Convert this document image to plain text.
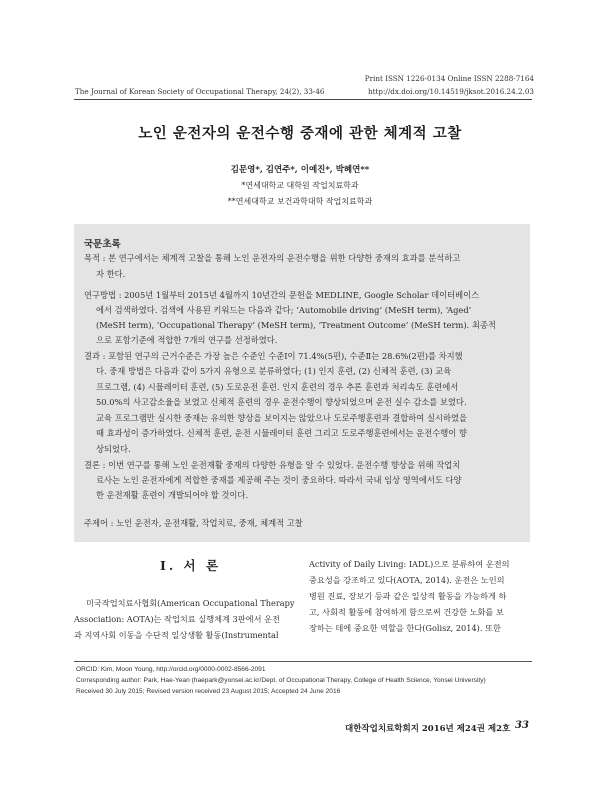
Print ISSN 1226-0134 Online ISSN 2288-7164
The Journal of Korean Society of Occupational Therapy, 24(2), 33-46	http://dx.doi.org/10.14519/jksot.2016.24.2.03
노인 운전자의 운전수행 중재에 관한 체계적 고찰
김문영*, 김연주*, 이예진*, 박혜연**
*연세대학교 대학원 작업치료학과
**연세대학교 보건과학대학 작업치료학과
국문초록
목적 : 본 연구에서는 체계적 고찰을 통해 노인 운전자의 운전수행을 위한 다양한 중재의 효과를 분석하고
자 한다.
연구방법 : 2005년 1월부터 2015년 4월까지 10년간의 문헌을 MEDLINE, Google Scholar 데이터베이스
에서 검색하였다. 검색에 사용된 키워드는 다음과 같다; ‘Automobile driving’ (MeSH term), ‘Aged’
(MeSH term), ‘Occupational Therapy’ (MeSH term), ‘Treatment Outcome’ (MeSH term). 최종적
으로 포함기준에 적합한 7개의 연구를 선정하였다.
결과 : 포함된 연구의 근거수준은 가장 높은 수준인 수준Ⅰ이 71.4%(5편), 수준Ⅱ는 28.6%(2편)를 차지했
다. 중재 방법은 다음과 같이 5가지 유형으로 분류하였다; (1) 인지 훈련, (2) 신체적 훈련, (3) 교육
프로그램, (4) 시뮬레이터 훈련, (5) 도로운전 훈련. 인지 훈련의 경우 추론 훈련과 처리속도 훈련에서
50.0%의 사고감소율을 보였고 신체적 훈련의 경우 운전수행이 향상되었으며 운전 실수 감소를 보였다.
교육 프로그램만 실시한 중재는 유의한 향상을 보이지는 않았으나 도로주행훈련과 결합하여 실시하였을
때 효과성이 증가하였다. 신체적 훈련, 운전 시뮬레이터 훈련 그리고 도로주행훈련에서는 운전수행이 향
상되었다.
결론 : 이번 연구를 통해 노인 운전재활 중재의 다양한 유형을 알 수 있었다. 운전수행 향상을 위해 작업치
료사는 노인 운전자에게 적합한 중재를 제공해 주는 것이 중요하다. 따라서 국내 임상 영역에서도 다양
한 운전재활 훈련이 개발되어야 할 것이다.
주제어 : 노인 운전자, 운전재활, 작업치료, 중재, 체계적 고찰
Ⅰ. 서 론
미국작업치료사협회(American Occupational Therapy
Association: AOTA)는 작업치료 실행체계 3판에서 운전
과 지역사회 이동을 수단적 일상생활 활동(Instrumental
Activity of Daily Living: IADL)으로 분류하여 운전의
중요성을 강조하고 있다(AOTA, 2014). 운전은 노인의
병원 진료, 장보기 등과 같은 일상적 활동을 가능하게 하
고, 사회적 활동에 참여하게 함으로써 건강한 노화를 보
장하는 데에 중요한 역할을 한다(Golisz, 2014). 또한
ORCID: Kim, Moon Young, http://orcid.org/0000-0002-8566-2091
Corresponding author: Park, Hae-Yean (haepark@yonsei.ac.kr/Dept. of Occupational Therapy, College of Health Science, Yonsei University)
Received 30 July 2015; Revised version received 23 August 2015; Accepted 24 June 2016
대한작업치료학회지 2016년 제24권 제2호 33
